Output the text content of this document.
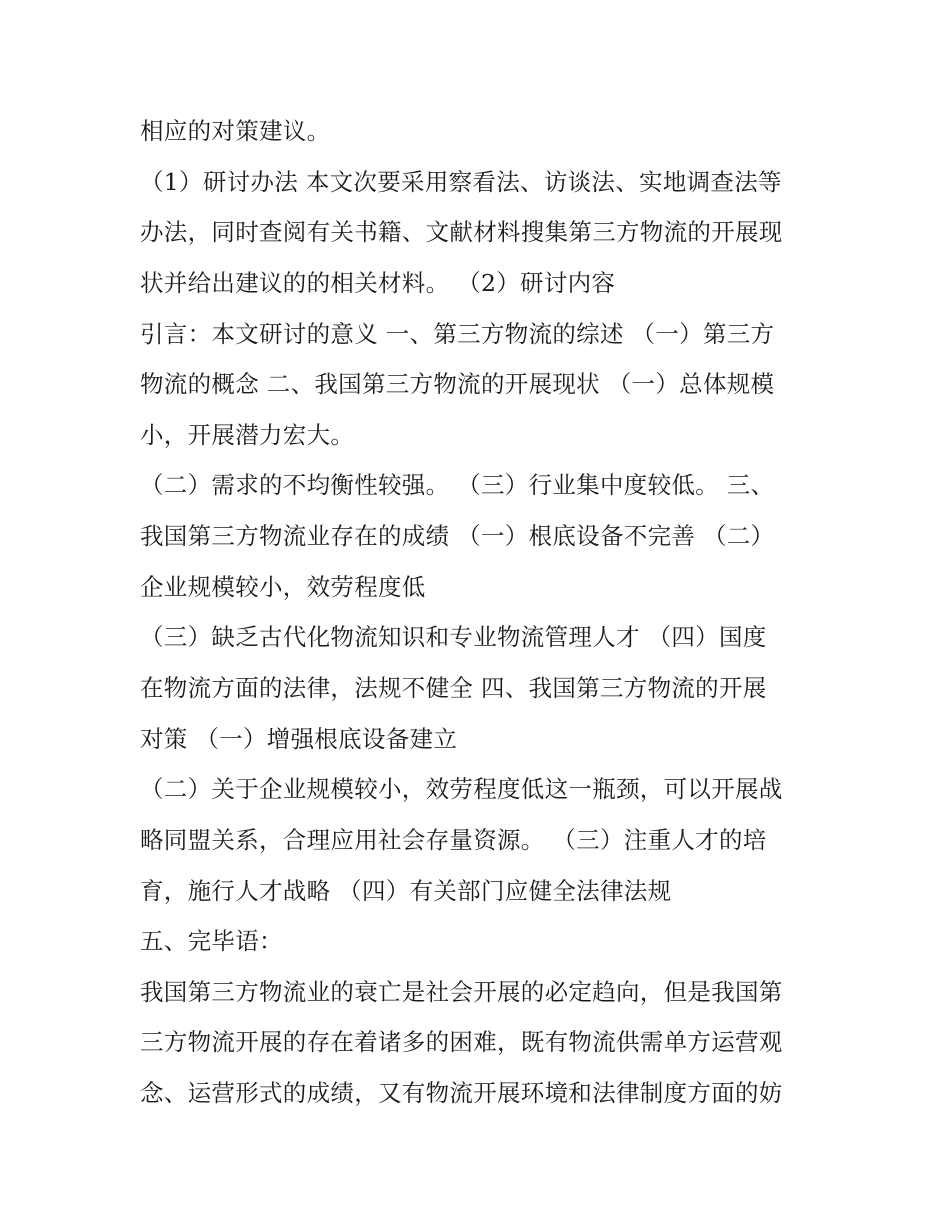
相应的对策建议。
（1）研讨办法 本文次要采用察看法、访谈法、实地调查法等
办法，同时查阅有关书籍、文献材料搜集第三方物流的开展现
状并给出建议的的相关材料。 （2）研讨内容
引言：本文研讨的意义 一、第三方物流的综述 （一）第三方
物流的概念 二、我国第三方物流的开展现状 （一）总体规模
小，开展潜力宏大。
（二）需求的不均衡性较强。 （三）行业集中度较低。 三、
我国第三方物流业存在的成绩 （一）根底设备不完善 （二）
企业规模较小，效劳程度低
（三）缺乏古代化物流知识和专业物流管理人才 （四）国度
在物流方面的法律，法规不健全 四、我国第三方物流的开展
对策 （一）增强根底设备建立
（二）关于企业规模较小，效劳程度低这一瓶颈，可以开展战
略同盟关系，合理应用社会存量资源。 （三）注重人才的培
育，施行人才战略 （四）有关部门应健全法律法规
五、完毕语：
我国第三方物流业的衰亡是社会开展的必定趋向，但是我国第
三方物流开展的存在着诸多的困难，既有物流供需单方运营观
念、运营形式的成绩，又有物流开展环境和法律制度方面的妨
